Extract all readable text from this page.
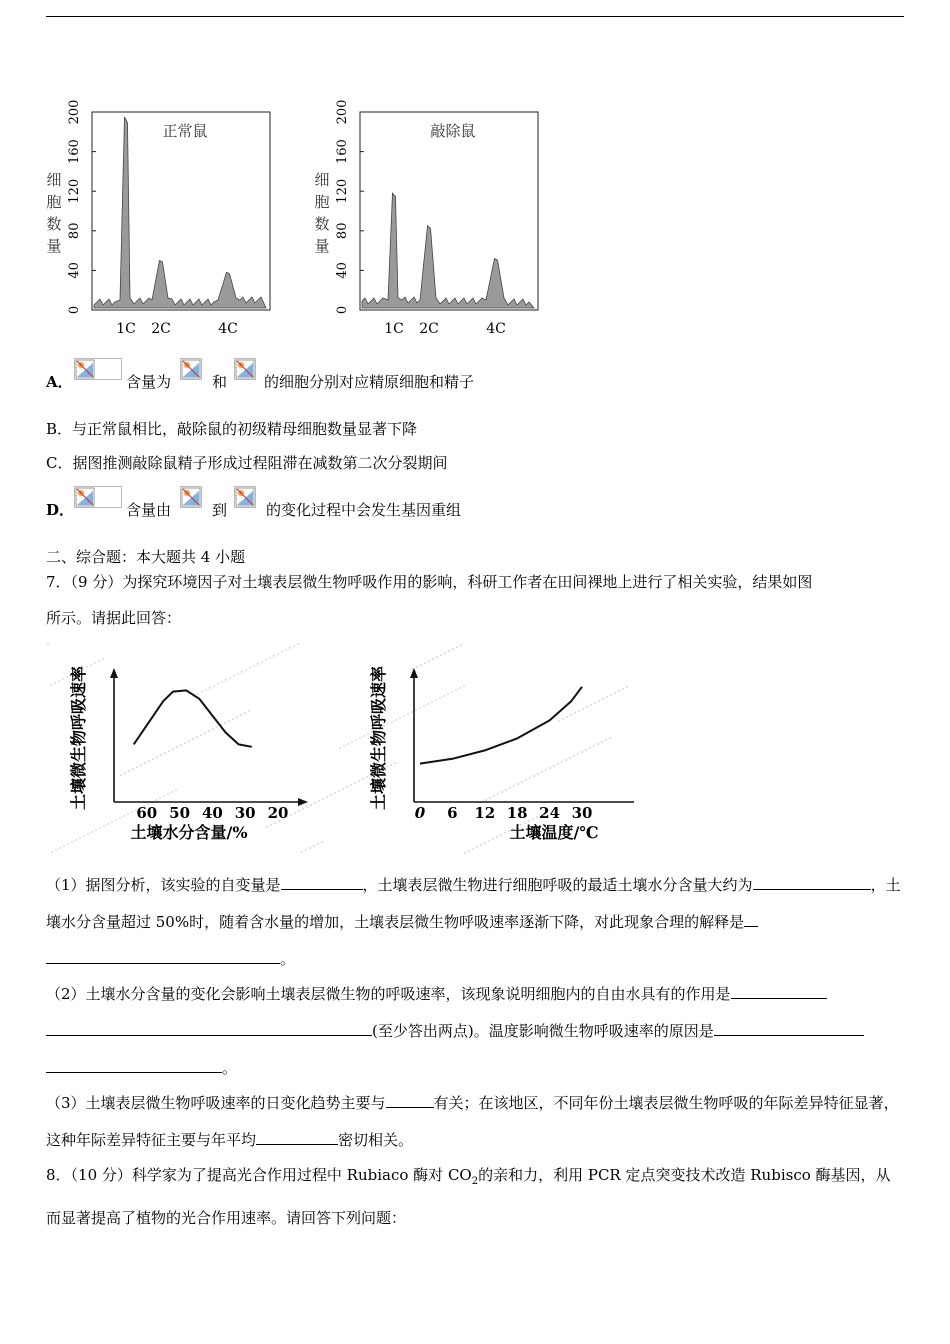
0
40
80
120
160
200
细
胞
数
量
正常鼠
1C 2C	4C
0
40
80
120
160
200
细
胞
数
量
敲除鼠
1C 2C	4C
A．	含量为	和 的细胞分别对应精原细胞和精子
B．与正常鼠相比，敲除鼠的初级精母细胞数量显著下降
C．据图推测敲除鼠精子形成过程阻滞在减数第二次分裂期间
D．	含量由	到	的变化过程中会发生基因重组
二、综合题：本大题共 4 小题
7．（9 分）为探究环境因子对土壤表层微生物呼吸作用的影响，科研工作者在田间裸地上进行了相关实验，结果如图
所示。请据此回答：
60 50 40 30 20
土壤水分含量/%
土壤微生物呼吸速率
0 6 12 18 24 30
土壤温度/℃
土壤微生物呼吸速率
（1）据图分析，该实验的自变量是	，土壤表层微生物进行细胞呼吸的最适土壤水分含量大约为	，土壤水分含量超过 50%时，随着含水量的增加，土壤表层微生物呼吸速率逐渐下降，对此现象合理的解释是。
（2）土壤水分含量的变化会影响土壤表层微生物的呼吸速率，该现象说明细胞内的自由水具有的作用是(至少答出两点)。温度影响微生物呼吸速率的原因是。
（3）土壤表层微生物呼吸速率的日变化趋势主要与	有关；在该地区，不同年份土壤表层微生物呼吸的年际差异特征显著，这种年际差异特征主要与年平均	密切相关。
8．（10 分）科学家为了提高光合作用过程中 Rubiaco 酶对 $CO_2$的亲和力，利用 PCR 定点突变技术改造 Rubisco 酶基因，从而显著提高了植物的光合作用速率。请回答下列问题：
